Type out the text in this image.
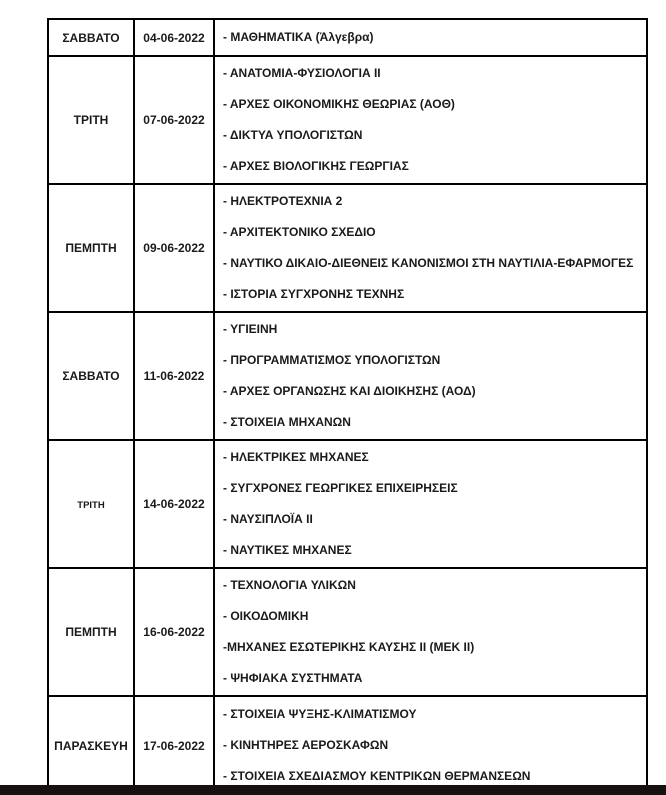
ΣΑΒΒΑΤΟ	04-06-2022	- ΜΑΘΗΜΑΤΙΚΑ (Άλγεβρα)

ΤΡΙΤΗ	07-06-2022	- ΑΝΑΤΟΜΙΑ-ΦΥΣΙΟΛΟΓΙΑ ΙΙ
- ΑΡΧΕΣ ΟΙΚΟΝΟΜΙΚΗΣ ΘΕΩΡΙΑΣ (ΑΟΘ)
- ΔΙΚΤΥΑ ΥΠΟΛΟΓΙΣΤΩΝ
- ΑΡΧΕΣ ΒΙΟΛΟΓΙΚΗΣ ΓΕΩΡΓΙΑΣ

ΠΕΜΠΤΗ	09-06-2022	- ΗΛΕΚΤΡΟΤΕΧΝΙΑ 2
- ΑΡΧΙΤΕΚΤΟΝΙΚΟ ΣΧΕΔΙΟ
- ΝΑΥΤΙΚΟ ΔΙΚΑΙΟ-ΔΙΕΘΝΕΙΣ ΚΑΝΟΝΙΣΜΟΙ ΣΤΗ ΝΑΥΤΙΛΙΑ-ΕΦΑΡΜΟΓΕΣ
- ΙΣΤΟΡΙΑ ΣΥΓΧΡΟΝΗΣ ΤΕΧΝΗΣ

ΣΑΒΒΑΤΟ	11-06-2022	- ΥΓΙΕΙΝΗ
- ΠΡΟΓΡΑΜΜΑΤΙΣΜΟΣ ΥΠΟΛΟΓΙΣΤΩΝ
- ΑΡΧΕΣ ΟΡΓΑΝΩΣΗΣ ΚΑΙ ΔΙΟΙΚΗΣΗΣ (ΑΟΔ)
- ΣΤΟΙΧΕΙΑ ΜΗΧΑΝΩΝ

ΤΡΙΤΗ	14-06-2022	- ΗΛΕΚΤΡΙΚΕΣ ΜΗΧΑΝΕΣ
- ΣΥΓΧΡΟΝΕΣ ΓΕΩΡΓΙΚΕΣ ΕΠΙΧΕΙΡΗΣΕΙΣ
- ΝΑΥΣΙΠΛΟΪΑ ΙΙ
- ΝΑΥΤΙΚΕΣ ΜΗΧΑΝΕΣ

ΠΕΜΠΤΗ	16-06-2022	- ΤΕΧΝΟΛΟΓΙΑ ΥΛΙΚΩΝ
- ΟΙΚΟΔΟΜΙΚΗ
-ΜΗΧΑΝΕΣ ΕΣΩΤΕΡΙΚΗΣ ΚΑΥΣΗΣ ΙΙ (ΜΕΚ ΙΙ)
- ΨΗΦΙΑΚΑ ΣΥΣΤΗΜΑΤΑ

ΠΑΡΑΣΚΕΥΗ	17-06-2022	- ΣΤΟΙΧΕΙΑ ΨΥΞΗΣ-ΚΛΙΜΑΤΙΣΜΟΥ
- ΚΙΝΗΤΗΡΕΣ ΑΕΡΟΣΚΑΦΩΝ
- ΣΤΟΙΧΕΙΑ ΣΧΕΔΙΑΣΜΟΥ ΚΕΝΤΡΙΚΩΝ ΘΕΡΜΑΝΣΕΩΝ
